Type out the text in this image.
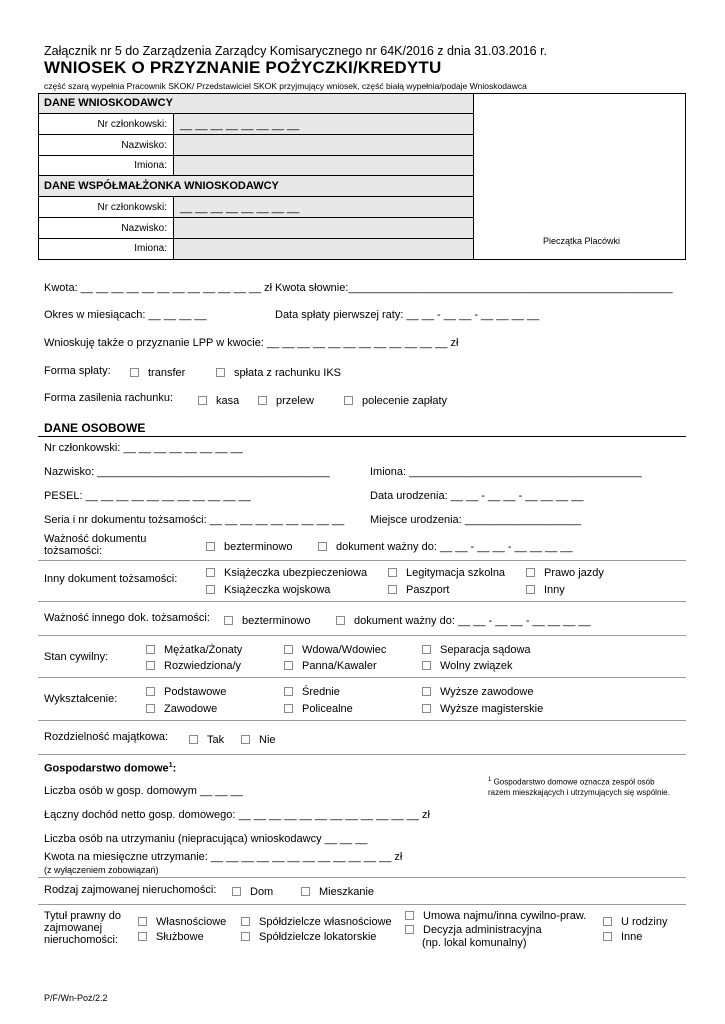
Załącznik nr 5 do Zarządzenia Zarządcy Komisarycznego nr 64K/2016 z dnia 31.03.2016 r.
WNIOSEK O PRZYZNANIE POŻYCZKI/KREDYTU
część szarą wypełnia Pracownik SKOK/ Przedstawiciel SKOK przyjmujący wniosek, część białą wypełnia/podaje Wnioskodawca
DANE WNIOSKODAWCY
Nr członkowski: __ __ __ __ __ __ __ __
Nazwisko:
Imiona:
DANE WSPÓŁMAŁŻONKA WNIOSKODAWCY
Nr członkowski: __ __ __ __ __ __ __ __
Nazwisko:
Imiona:
Pieczątka Placówki
Kwota: __ __ __ __ __ __ __ __ __ __ __ __ zł Kwota słownie:_____________________________________________________
Okres w miesiącach: __ __ __ __	Data spłaty pierwszej raty: __ __ - __ __ - __ __ __ __
Wnioskuję także o przyznanie LPP w kwocie: __ __ __ __ __ __ __ __ __ __ __ __ zł
Forma spłaty:	transfer	spłata z rachunku IKS
Forma zasilenia rachunku:	kasa	przelew	polecenie zapłaty
DANE OSOBOWE
Nr członkowski: __ __ __ __ __ __ __ __
Nazwisko: ______________________________________	Imiona: ______________________________________
PESEL: __ __ __ __ __ __ __ __ __ __ __	Data urodzenia: __ __ - __ __ - __ __ __ __
Seria i nr dokumentu tożsamości: __ __ __ __ __ __ __ __ __ Miejsce urodzenia: ___________________
Ważność dokumentu
tożsamości:	bezterminowo	dokument ważny do: __ __ - __ __ - __ __ __ __
Inny dokument tożsamości:	Książeczka ubezpieczeniowa	Legitymacja szkolna	Prawo jazdy
Książeczka wojskowa	Paszport	Inny
Ważność innego dok. tożsamości:	bezterminowo	dokument ważny do: __ __ - __ __ - __ __ __ __
Stan cywilny:
Mężatka/Żonaty	Wdowa/Wdowiec	Separacja sądowa
Rozwiedziona/y	Panna/Kawaler	Wolny związek
Wykształcenie:
Podstawowe	Średnie	Wyższe zawodowe
Zawodowe	Policealne	Wyższe magisterskie
Rozdzielność majątkowa:	Tak	Nie
Gospodarstwo domowe$^1$:
Liczba osób w gosp. domowym __ __ __
$^1$ Gospodarstwo domowe oznacza zespół osób razem mieszkających i utrzymujących się wspólnie.
Łączny dochód netto gosp. domowego: __ __ __ __ __ __ __ __ __ __ __ __ zł
Liczba osób na utrzymaniu (niepracująca) wnioskodawcy __ __ __
Kwota na miesięczne utrzymanie: __ __ __ __ __ __ __ __ __ __ __ __ zł
(z wyłączeniem zobowiązań)
Rodzaj zajmowanej nieruchomości:	Dom	Mieszkanie
Tytuł prawny do
zajmowanej
nieruchomości:
Własnościowe
Służbowe
Spółdzielcze własnościowe
Spółdzielcze lokatorskie
Umowa najmu/inna cywilno-praw.
Decyzja administracyjna
(np. lokal komunalny)
U rodziny
Inne
P/F/Wn-Poż/2.2
